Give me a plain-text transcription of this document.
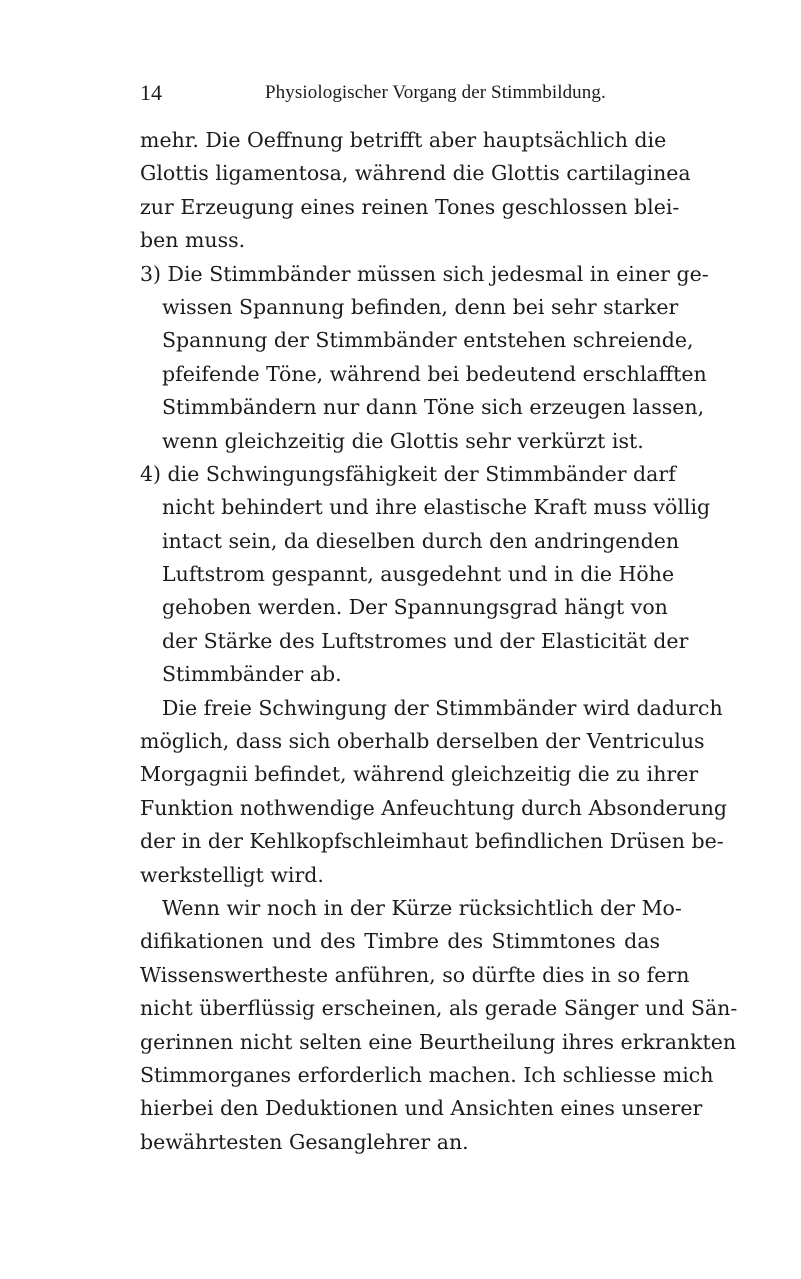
14	Physiologischer Vorgang der Stimmbildung.
mehr. Die Oeffnung betrifft aber hauptsächlich die
Glottis ligamentosa, während die Glottis cartilaginea
zur Erzeugung eines reinen Tones geschlossen blei-
ben muss.
3) Die Stimmbänder müssen sich jedesmal in einer ge-
wissen Spannung befinden, denn bei sehr starker
Spannung der Stimmbänder entstehen schreiende,
pfeifende Töne, während bei bedeutend erschlafften
Stimmbändern nur dann Töne sich erzeugen lassen,
wenn gleichzeitig die Glottis sehr verkürzt ist.
4) die Schwingungsfähigkeit der Stimmbänder darf
nicht behindert und ihre elastische Kraft muss völlig
intact sein, da dieselben durch den andringenden
Luftstrom gespannt, ausgedehnt und in die Höhe
gehoben werden. Der Spannungsgrad hängt von
der Stärke des Luftstromes und der Elasticität der
Stimmbänder ab.
Die freie Schwingung der Stimmbänder wird dadurch
möglich, dass sich oberhalb derselben der Ventriculus
Morgagnii befindet, während gleichzeitig die zu ihrer
Funktion nothwendige Anfeuchtung durch Absonderung
der in der Kehlkopfschleimhaut befindlichen Drüsen be-
werkstelligt wird.
Wenn wir noch in der Kürze rücksichtlich der Mo-
difikationen und des Timbre des Stimmtones das
Wissenswertheste anführen, so dürfte dies in so fern
nicht überflüssig erscheinen, als gerade Sänger und Sän-
gerinnen nicht selten eine Beurtheilung ihres erkrankten
Stimmorganes erforderlich machen. Ich schliesse mich
hierbei den Deduktionen und Ansichten eines unserer
bewährtesten Gesanglehrer an.
